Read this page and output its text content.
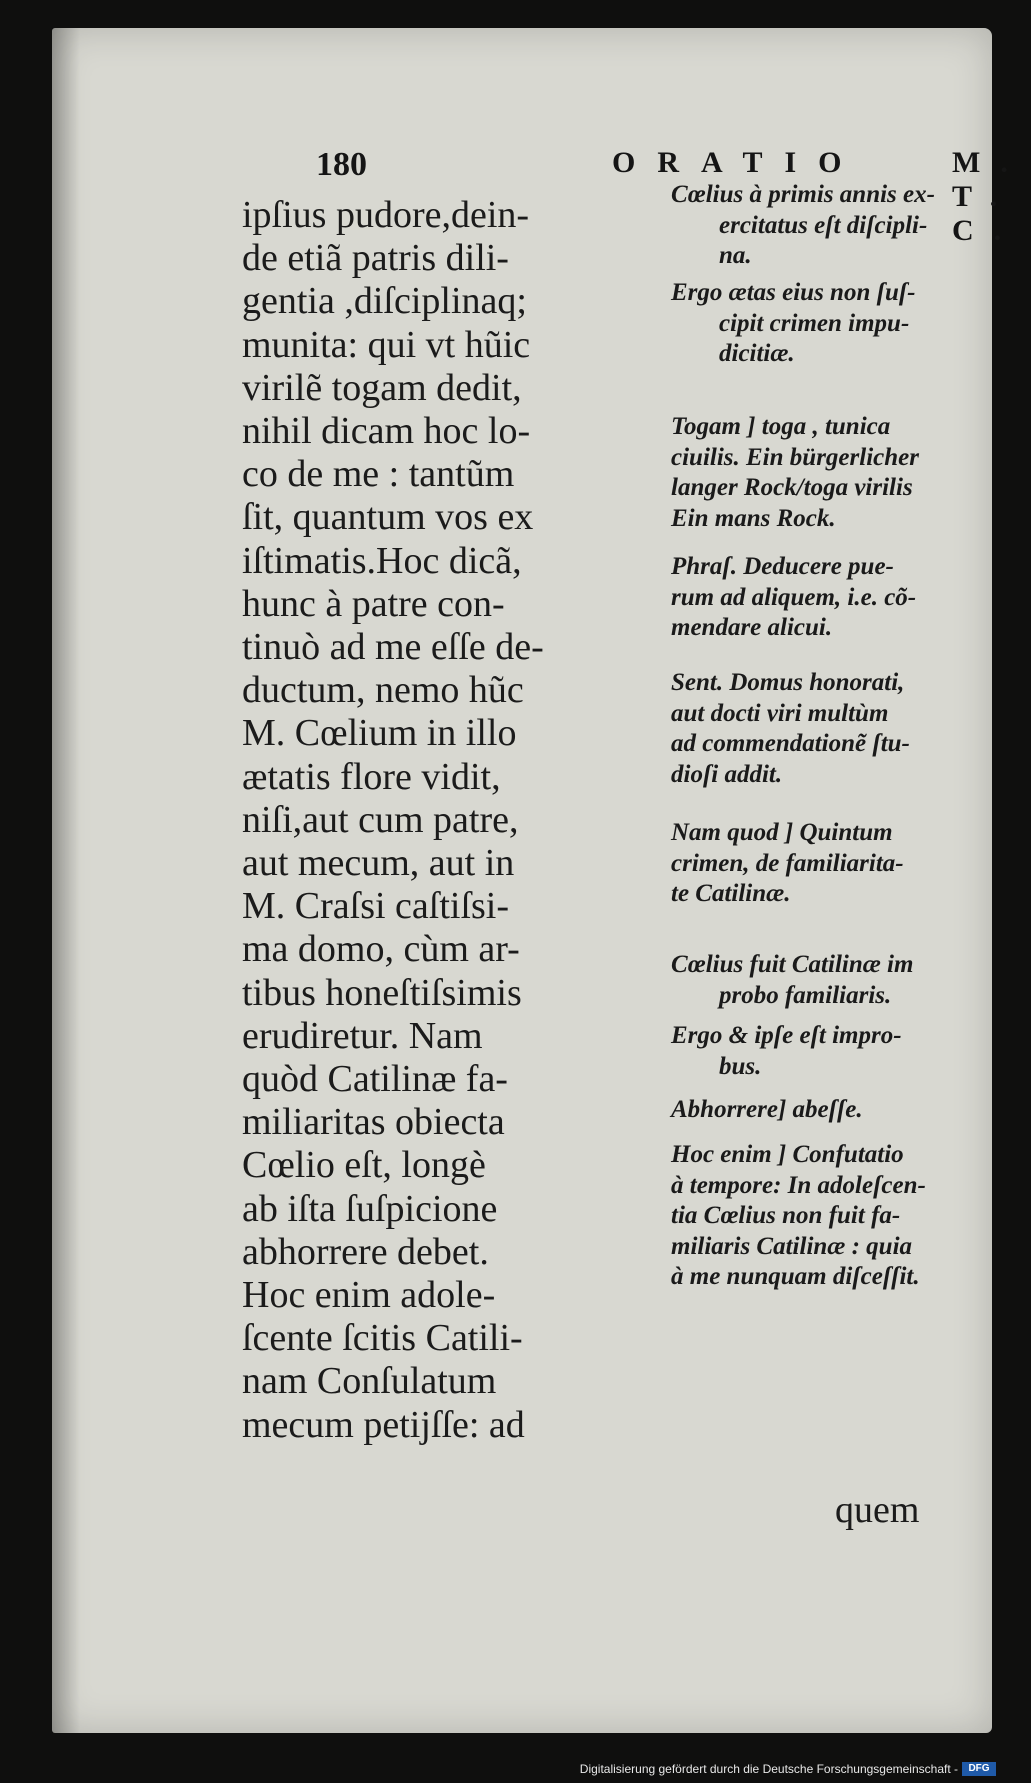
180	ORATIO	M. T. C.
ipſius pudore,dein-
de etiã patris dili-
gentia ,diſciplinaq;
munita: qui vt hũic
virilẽ togam dedit,
nihil dicam hoc lo-
co de me : tantũm
ſit, quantum vos ex
iſtimatis.Hoc dicã,
hunc à patre con-
tinuò ad me eſſe de-
ductum, nemo hũc
M. Cœlium in illo
ætatis flore vidit,
niſi,aut cum patre,
aut mecum, aut in
M. Craſsi caſtiſsi-
ma domo, cùm ar-
tibus honeſtiſsimis
erudiretur. Nam
quòd Catilinæ fa-
miliaritas obiecta
Cœlio eſt, longè
ab iſta ſuſpicione
abhorrere debet.
Hoc enim adole-
ſcente ſcitis Catili-
nam Conſulatum
mecum petijſſe: ad
Cœlius à primis annis ex-
ercitatus eſt diſcipli-
na.
Ergo ætas eius non ſuſ-
cipit crimen impu-
dicitiæ.
Togam ] toga , tunica
ciuilis. Ein bürgerlicher
langer Rock/toga virilis
Ein mans Rock.
Phraſ. Deducere pue-
rum ad aliquem, i.e. cõ-
mendare alicui.
Sent. Domus honorati,
aut docti viri multùm
ad commendationẽ ſtu-
dioſi addit.
Nam quod ] Quintum
crimen, de familiarita-
te Catilinæ.
Cœlius fuit Catilinæ im
probo familiaris.
Ergo & ipſe eſt impro-
bus.
Abhorrere] abeſſe.
Hoc enim ] Confutatio
à tempore: In adoleſcen-
tia Cœlius non fuit fa-
miliaris Catilinæ : quia
à me nunquam diſceſſit.
quem
Digitalisierung gefördert durch die Deutsche Forschungsgemeinschaft -	DFG
